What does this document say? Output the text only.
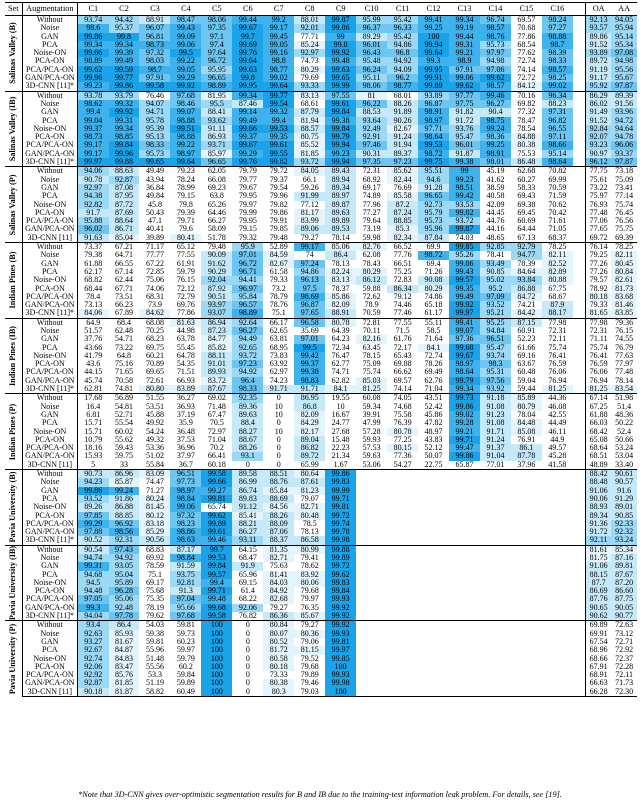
Set	Augmentation	C1	C2	C3	C4	C5	C6	C7	C8	C9	C10	C11	C12	C13	C14	C15	C16		OA	AA

Salinas Valley (B)	Without	93.74	94.42	88.91	98.47	98.06	99.44	99.2	88.01	99.87	95.99	95.42	99.41	99.34	96.74	69.57	98.24		92.13	94.05
	Noise	98.6	95.37	96.07	99.43	97.35	99.67	99.17	92.01	99.86	96.37	96.33	99.25	99.19	98.57	70.68	97.27		93.57	95.94
	GAN	99.86	99.8	96.81	99.09	97.1	99.7	99.45	77.71	99	89.29	95.42	100	99.44	98.76	77.86	98.88		89.86	95.14
	PCA	99.34	99.34	98.73	99.06	97.4	99.69	99.05	85.24	99.8	96.01	94.86	99.94	99.31	95.73	68.54	98.7		91.52	95.34
	Noise-ON	99.66	99.39	97.32	99.5	97.64	99.76	99.16	92.97	99.92	96.43	96.8	99.64	99.21	97.97	77.62	98.39		93.89	97.08
	PCA-ON	98.89	99.49	98.03	99.22	96.72	99.64	98.8	74.73	99.48	95.48	94.92	99.3	98.9	94.98	72.74	98.33		89.72	94.98
	PCA/PCA-ON	99.62	99.59	98.7	99.05	95.95	99.63	98.77	80.29	99.63	96.24	94.09	99.95	97.91	97.06	74.14	98.57		91.19	95.56
	GAN/PCA-ON	99.96	99.77	97.91	99.29	96.65	99.8	99.02	79.69	99.65	95.11	96.2	99.91	99.06	99.62	72.72	98.25		91.17	95.67
	3D-CNN [11]*	99.23	99.86	99.58	99.92	98.89	99.95	99.64	93.33	99.99	98.06	98.77	99.89	99.62	98.57	84.12	99.02		95.92	97.87

Salinas Valley (IB)	Without	93.78	93.79	76.46	97.68	81.95	99.34	99.77	83.13	97.55	81	68.01	93.89	97.77	99.46	70.16	96.34		86.29	89.39
	Noise	98.62	99.32	94.07	98.46	95.5	87.46	99.54	68.61	99.61	96.22	88.26	96.87	97.75	96.27	69.82	88.23		86.02	91.56
	GAN	99.4	99.92	94.71	99.07	88.41	99.14	99.32	87.79	99.84	88.53	91.89	98.91	91.82	90.4	77.32	97.31		91.49	93.96
	PCA	99.04	99.31	95.78	98.88	93.62	99.49	99.4	81.94	99.38	93.64	90.26	98.97	91.72	98.75	78.47	96.82		91.52	94.72
	Noise-ON	99.37	99.34	95.39	99.51	91.11	99.66	99.53	88.57	99.84	92.49	82.67	97.71	93.76	99.24	78.54	96.55		92.84	94.64
	PCA-ON	98.73	98.85	95.13	98.88	86.93	99.37	99.35	80.75	99.79	92.91	91.24	98.64	95.47	98.36	84.88	97.11		92.07	94.78
	PCA/PCA-ON	99.17	99.84	98.33	99.22	93.71	99.67	99.61	85.52	99.94	97.46	91.94	99.53	96.01	99.25	80.38	98.66		93.23	96.06
	GAN/PCA-ON	99.17	99.96	95.73	98.97	85.97	99.29	99.55	81.85	99.23	90.31	89.37	98.72	91.87	98.91	75.53	95.14		90.97	93.37
	3D-CNN [11]*	99.97	99.88	99.65	99.64	96.65	99.76	99.82	93.72	99.94	97.35	97.23	99.75	99.38	98.01	86.48	98.64		96.12	97.87

Salinas Valley (P)	Without	94.06	88.63	49.49	79.23	62.05	79.79	79.72	84.05	89.43	72.31	85.62	95.51	99	45.19	62.68	70.82		77.75	73.18
	Noise	90.78	92.87	43.94	78.24	66.08	79.77	79.37	66.1	89.94	68.92	82.44	94.6	99.23	41.62	60.27	69.99		75.61	75.09
	GAN	92.97	87.08	36.84	78.99	69.23	79.67	79.54	59.26	89.34	69.17	76.69	91.28	98.51	38.59	58.33	70.59		73.22	73.41
	PCA	94.38	87.95	49.84	79.15	63.8	79.95	79.96	91.99	89.97	74.89	85.58	96.65	99.42	40.58	69.43	71.59		75.97	77.14
	Noise-ON	92.82	87.72	45.8	79.8	65.26	79.97	79.82	77.12	89.87	77.96	87.2	92.73	93.53	42.09	69.38	70.62		76.93	75.74
	PCA-ON	91.7	87.69	50.43	79.39	64.46	79.99	79.86	81.17	89.63	77.27	87.24	95.79	99.02	44.45	69.45	70.42		77.48	76.45
	PCA/PCA-ON	95.88	88.64	47.1	79.71	66.27	79.95	79.91	83.99	89.89	79.64	88.85	95.73	93.72	44.76	60.69	71.61		77.06	76.56
	GAN/PCA-ON	96.02	86.71	40.41	79.6	58.09	79.15	79.85	89.06	89.53	73.19	85.3	95.96	99.87	44.16	64.44	71.05		77.65	75.75
	3D-CNN [11]	91.63	85.04	39.89	80.41	51.78	79.32	79.48	79.27	78.14	59.98	82.34	87.84	74.03	48.65	67.13	68.37		69.72	69.39

Indian Pines (B)	Without	73.37	67.21	71.17	65.12	79.48	95.9	52.89	99.17	85.06	82.76	66.52	69.9	99.85	92.85	92.79	78.25		76.14	78.25
	Noise	79.38	64.71	77.77	77.55	90.09	97.01	84.59	74	86.4	62.08	77.76	98.72	95.26	78.41	94.77	82.11		79.25	82.11
	GAN	61.88	66.55	67.22	61.91	91.62	96.72	82.67	97.24	78.13	78.43	66.51	69.4	99.06	93.49	78.39	82.52		77.26	80.45
	PCA	62.17	67.14	72.85	59.79	90.29	96.71	61.58	94.86	82.24	80.29	75.25	71.26	99.43	90.85	84.64	82.89		77.26	80.84
	Noise-ON	68.82	62.44	75.06	76.15	92.04	94.41	79.33	96.13	83.13	86.12	72.83	90.08	99.57	95.02	93.84	80.88		79.57	82.61
	PCA-ON	68.44	67.71	74.06	72.12	87.92	96.97	73.2	97.5	78.37	59.88	86.34	80.29	99.35	95.2	86.88	67.75		78.92	81.73
	PCA/PCA-ON	78.4	73.51	68.31	72.79	90.51	95.84	78.79	98.69	85.86	72.62	79.12	74.86	99.49	97.09	84.72	68.67		80.18	83.68
	GAN/PCA-ON	73.13	66.23	73.9	69.76	93.97	96.57	78.76	96.87	82.09	78.9	74.46	65.18	99.92	93.52	74.21	87.9		79.33	81.46
	3D-CNN [11]*	84.06	67.89	84.62	77.86	93.07	98.89	75.1	97.65	88.91	70.59	77.46	61.17	99.97	95.21	84.42	88.17		81.65	83.85

Indian Pines (IB)	Without	64.9	68.4	68.08	81.63	86.94	92.64	66.17	96.58	80.78	72.81	77.55	55.11	99.41	95.25	87.15	77.98		77.98	79.36
	Noise	51.57	62.48	70.25	44.98	87.23	96.27	62.65	35.69	64.39	70.11	71.5	58.5	99.07	94.84	60.91	72.31		72.31	76.15
	GAN	37.76	54.71	68.23	63.78	84.77	94.49	63.81	97.01	64.23	82.16	61.76	71.64	97.36	96.51	52.23	72.11		71.11	74.55
	PCA	43.66	73.22	69.75	55.45	85.82	92.65	68.95	99.5	72.34	63.45	72.17	84.1	99.68	95.47	61.66	75.74		75.74	76.79
	Noise-ON	41.79	64.8	60.21	64.78	88.11	93.72	73.83	99.42	76.47	78.15	65.43	72.74	99.67	93.74	69.16	76.41		76.41	77.63
	PCA-ON	43.6	75.16	70.89	54.35	91.01	97.23	63.92	99.37	62.77	75.09	69.88	78.26	98.97	98.3	63.67	76.59		76.59	77.97
	PCA/PCA-ON	44.15	71.65	69.65	71.51	89.93	94.92	62.97	99.38	74.71	75.74	66.62	69.49	98.64	95.31	60.48	76.06		76.06	77.48
	GAN/PCA-ON	45.74	70.58	72.61	66.93	83.72	96.4	74.23	98.83	62.82	85.03	69.57	62.76	99.79	97.56	59.04	76.94		76.94	78.14
	3D-CNN [11]*	62.81	74.81	80.80	83.89	87.67	98.33	91.71	91.71	84.1	81.25	74.14	71.04	99.34	93.92	59.44	81.25		81.25	83.54

Indian Pines (P)	Without	17.68	56.89	51.55	36.27	69.02	92.35	0	86.95	19.55	60.08	74.05	43.51	99.73	91.18	85.89	44.36		67.14	51.98
	Noise	16.4	54.81	53.51	36.93	71.48	89.36	10	86.8	10	59.34	74.68	52.42	99.86	91.08	80.79	46.08		67.25	51.4
	GAN	6.81	52.71	45.88	37.19	67.47	89.63	10	82.09	16.67	39.91	75.58	45.86	99.02	91.23	78.04	42.55		61.88	48.36
	PCA	15.71	55.54	49.92	35.9	70.5	88.4	0	84.29	24.77	47.99	76.39	47.82	99.28	91.08	84.48	44.49		66.03	50.22
	Noise-ON	15.71	60.02	54.24	36.48	72.97	88.27	10	82.17	27.68	57.28	80.78	48.97	99.21	91.71	85.08	46.11		68.42	52.4
	PCA-ON	10.79	55.62	49.32	37.53	71.04	88.67	0	89.04	15.48	59.93	77.25	43.83	99.71	91.24	76.91	44.9		65.08	50.66
	PCA/PCA-ON	18.16	59.43	53.36	36.96	70.2	88.26	0	86.82	22.23	57.53	80.15	52.12	99.47	91.37	86.1	49.57		68.64	53.24
	GAN/PCA-ON	15.93	59.75	51.02	37.97	66.41	93.1	0	89.72	21.34	59.63	77.36	50.07	99.86	91.04	87.78	45.28		68.51	53.04
	3D-CNN [11]	5	33	55.84	36.7	60.18	0	0	65.99	1.67	53.06	54.27	22.75	65.87	77.01	37.96	41.58		48.89	33.40

Pavia University (B)	Without	90.73	86.96	83.09	96.51	99.58	89.58	88.51	80.64	99.86									88.42	90.61
	Noise	94.23	85.87	74.47	97.73	99.66	86.99	88.76	87.61	99.83									88.48	90.57
	GAN	99.86	99.24	71.27	98.97	99.27	86.74	85.84	81.23	99.99									91.06	91.6
	PCA	93.52	91.86	80.24	98.84	99.81	89.83	88.69	79.07	99.71									90.06	91.29
	Noise-ON	89.26	86.88	81.45	99.06	65.74	91.12	84.56	82.71	99.81									88.93	89.01
	PCA-ON	97.85	88.85	80.12	97.32	99.62	85.41	88.26	80.48	99.72									89.34	90.85
	PCA/PCA-ON	99.29	96.92	83.18	98.23	99.89	88.21	88.09	78.5	99.74									91.36	92.33
	GAN/PCA-ON	97.88	98.56	85.29	98.86	99.61	86.27	87.06	78.13	99.78									91.72	92.32
	3D-CNN [11]*	90.52	92.31	90.56	98.63	99.46	93.11	88.37	86.58	99.98									92.11	93.24

Pavia University (IB)	Without	90.54	97.43	68.83	87.17	99.7	64.15	81.35	80.99	99.88									81.61	85.34
	Noise	94.74	94.92	69.92	98.84	99.53	68.47	82.71	79.41	99.89									81.75	87.16
	GAN	99.31	93.05	78.59	91.59	99.84	91.9	75.63	78.62	99.72									91.06	89.81
	PCA	94.68	95.04	75.1	93.75	99.57	65.96	81.41	83.92	99.62									88.15	87.67
	Noise-ON	94.5	95.89	69.17	92.81	99.4	69.15	84.03	80.06	99.83									87.7	87.20
	PCA-ON	94.48	96.28	75.68	91.3	99.71	61.4	84.92	79.68	99.84									86.69	86.60
	PCA/PCA-ON	97.05	95.06	75.35	97.04	99.48	68.22	82.68	79.97	99.93									87.76	87.75
	GAN/PCA-ON	99.3	92.48	78.19	95.66	99.68	92.06	79.27	76.35	99.92									90.65	90.05
	3D-CNN [11]*	94.04	97.78	79.62	97.68	99.58	76.82	86.36	85.67	99.92									90.62	90.77

Pavia University (P)	Without	93.4	86.4	54.03	59.81	100	0	80.84	79.27	99.92									69.89	72.63
	Noise	92.63	85.93	59.38	59.73	100	0	80.07	80.36	99.93									69.91	73.12
	GAN	93.27	81.67	59.81	60.23	100	0	80.52	79.06	99.81									67.54	72.71
	PCA	92.67	84.87	55.96	59.97	100	0	81.72	81.15	99.97									68.96	72.92
	Noise-ON	92.74	84.83	51.48	59.79	100	0	80.58	79.52	99.85									68.66	72.37
	PCA-ON	92.06	83.47	55.56	60.2	100	0	80.18	79.68	100									67.91	72.28
	PCA/PCA-ON	92.92	85.76	53.3	59.84	100	0	73.33	79.89	99.93									68.91	72.11
	GAN/PCA-ON	92.87	81.85	51.19	59.89	100	0	80.38	79.46	99.98									66.63	71.73
	3D-CNN [11]	90.18	81.87	58.82	60.49	100	0	80.3	79.03	100									66.28	72.30
*Note that 3D-CNN gives over-optimistic segmentation results for B and IB due to the training-test information leak problem. For details, see [19].
